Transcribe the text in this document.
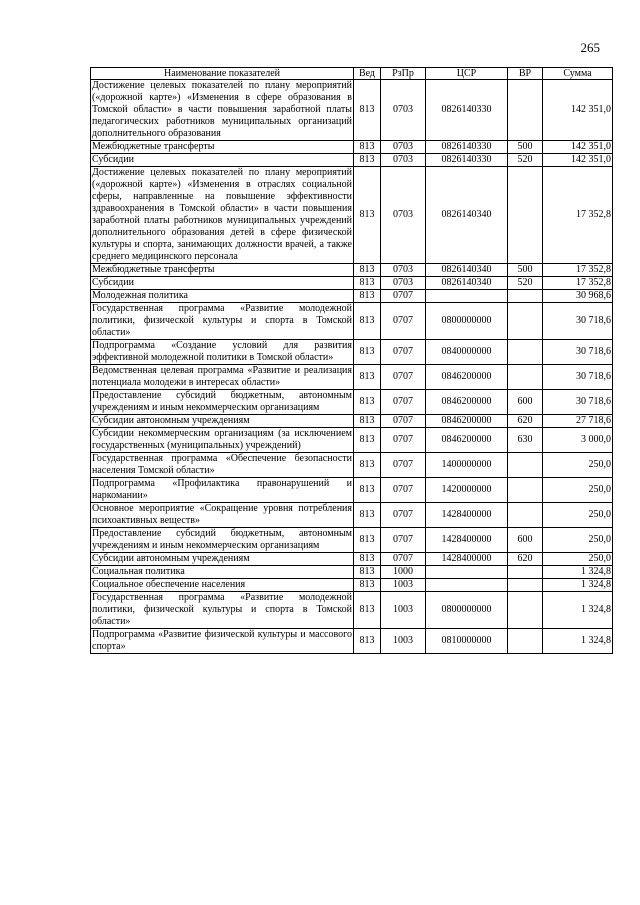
265
Наименование показателей	Вед	РзПр	ЦСР	ВР	Сумма
Достижение целевых показателей по плану мероприятий («дорожной карте») «Изменения в сфере образования в Томской области» в части повышения заработной платы педагогических работников муниципальных организаций дополнительного образования	813	0703	0826140330		142 351,0
Межбюджетные трансферты	813	0703	0826140330	500	142 351,0
Субсидии	813	0703	0826140330	520	142 351,0
Достижение целевых показателей по плану мероприятий («дорожной карте») «Изменения в отраслях социальной сферы, направленные на повышение эффективности здравоохранения в Томской области» в части повышения заработной платы работников муниципальных учреждений дополнительного образования детей в сфере физической культуры и спорта, занимающих должности врачей, а также среднего медицинского персонала	813	0703	0826140340		17 352,8
Межбюджетные трансферты	813	0703	0826140340	500	17 352,8
Субсидии	813	0703	0826140340	520	17 352,8
Молодежная политика	813	0707			30 968,6
Государственная программа «Развитие молодежной политики, физической культуры и спорта в Томской области»	813	0707	0800000000		30 718,6
Подпрограмма «Создание условий для развития эффективной молодежной политики в Томской области»	813	0707	0840000000		30 718,6
Ведомственная целевая программа «Развитие и реализация потенциала молодежи в интересах области»	813	0707	0846200000		30 718,6
Предоставление субсидий бюджетным, автономным учреждениям и иным некоммерческим организациям	813	0707	0846200000	600	30 718,6
Субсидии автономным учреждениям	813	0707	0846200000	620	27 718,6
Субсидии некоммерческим организациям (за исключением государственных (муниципальных) учреждений)	813	0707	0846200000	630	3 000,0
Государственная программа «Обеспечение безопасности населения Томской области»	813	0707	1400000000		250,0
Подпрограмма «Профилактика правонарушений и наркомании»	813	0707	1420000000		250,0
Основное мероприятие «Сокращение уровня потребления психоактивных веществ»	813	0707	1428400000		250,0
Предоставление субсидий бюджетным, автономным учреждениям и иным некоммерческим организациям	813	0707	1428400000	600	250,0
Субсидии автономным учреждениям	813	0707	1428400000	620	250,0
Социальная политика	813	1000			1 324,8
Социальное обеспечение населения	813	1003			1 324,8
Государственная программа «Развитие молодежной политики, физической культуры и спорта в Томской области»	813	1003	0800000000		1 324,8
Подпрограмма «Развитие физической культуры и массового спорта»	813	1003	0810000000		1 324,8
